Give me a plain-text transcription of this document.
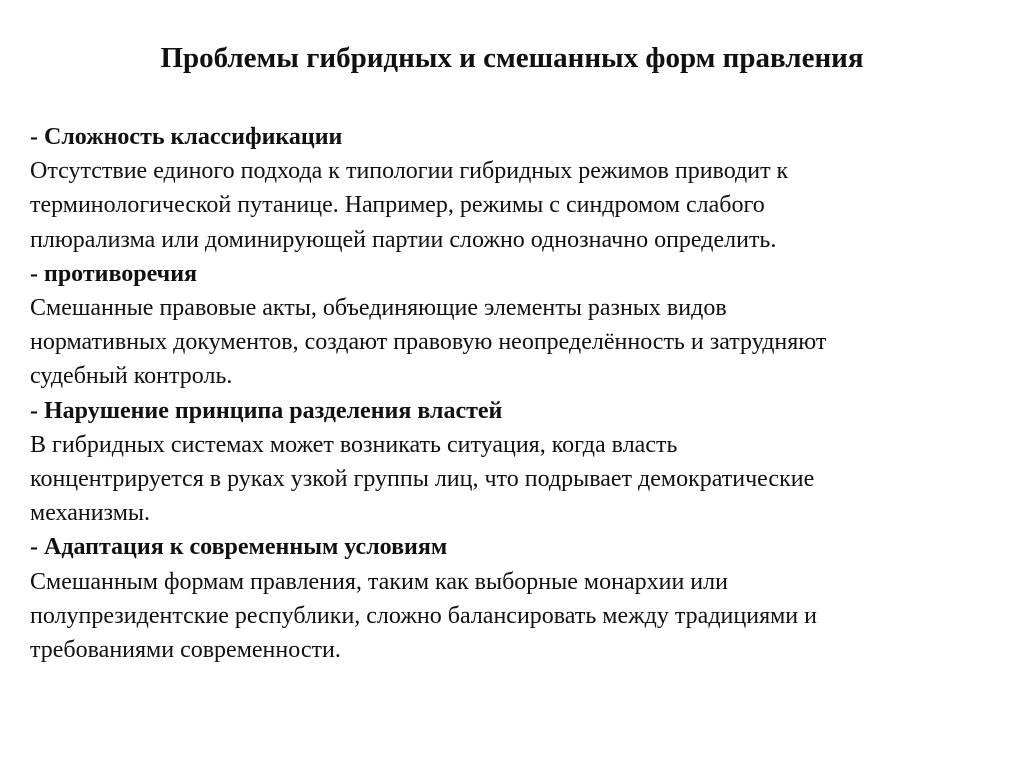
Проблемы гибридных и смешанных форм правления

- Сложность классификации

Отсутствие единого подхода к типологии гибридных режимов приводит к

терминологической путанице. Например, режимы с синдромом слабого

плюрализма или доминирующей партии сложно однозначно определить.

- противоречия

Смешанные правовые акты, объединяющие элементы разных видов

нормативных документов, создают правовую неопределённость и затрудняют

судебный контроль.

- Нарушение принципа разделения властей

В гибридных системах может возникать ситуация, когда власть

концентрируется в руках узкой группы лиц, что подрывает демократические

механизмы.

- Адаптация к современным условиям

Смешанным формам правления, таким как выборные монархии или

полупрезидентские республики, сложно балансировать между традициями и

требованиями современности.
